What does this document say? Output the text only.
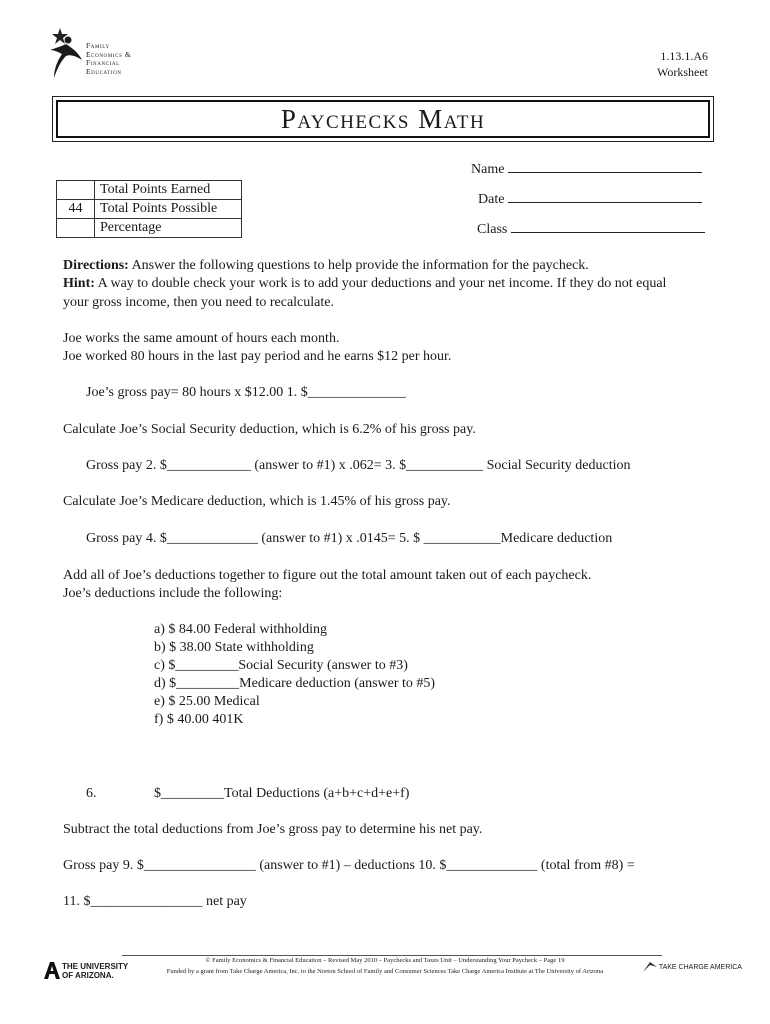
Family
Economics &
Financial
Education
1.13.1.A6
Worksheet
Paychecks Math
	Total Points Earned
44	Total Points Possible
	Percentage
Name
Date
Class
Directions: Answer the following questions to help provide the information for the paycheck.
Hint: A way to double check your work is to add your deductions and your net income. If they do not equal
your gross income, then you need to recalculate.
Joe works the same amount of hours each month.
Joe worked 80 hours in the last pay period and he earns $12 per hour.
Joe’s gross pay= 80 hours x $12.00 1. $______________
Calculate Joe’s Social Security deduction, which is 6.2% of his gross pay.
Gross pay 2. $____________ (answer to #1) x .062= 3. $___________ Social Security deduction
Calculate Joe’s Medicare deduction, which is 1.45% of his gross pay.
Gross pay 4. $_____________ (answer to #1) x .0145= 5. $ ___________Medicare deduction
Add all of Joe’s deductions together to figure out the total amount taken out of each paycheck.
Joe’s deductions include the following:
a) $ 84.00 Federal withholding
b) $ 38.00 State withholding
c) $_________Social Security (answer to #3)
d) $_________Medicare deduction (answer to #5)
e) $ 25.00 Medical
f) $ 40.00 401K
6.	$_________Total Deductions (a+b+c+d+e+f)
Subtract the total deductions from Joe’s gross pay to determine his net pay.
Gross pay 9. $________________ (answer to #1) – deductions 10. $_____________ (total from #8) =
11. $________________ net pay
THE UNIVERSITY
OF ARIZONA.
© Family Economics & Financial Education – Revised May 2010 – Paychecks and Taxes Unit – Understanding Your Paycheck – Page 19
Funded by a grant from Take Charge America, Inc. to the Norton School of Family and Consumer Sciences Take Charge America Institute at The University of Arizona
TAKE CHARGE AMERICA
